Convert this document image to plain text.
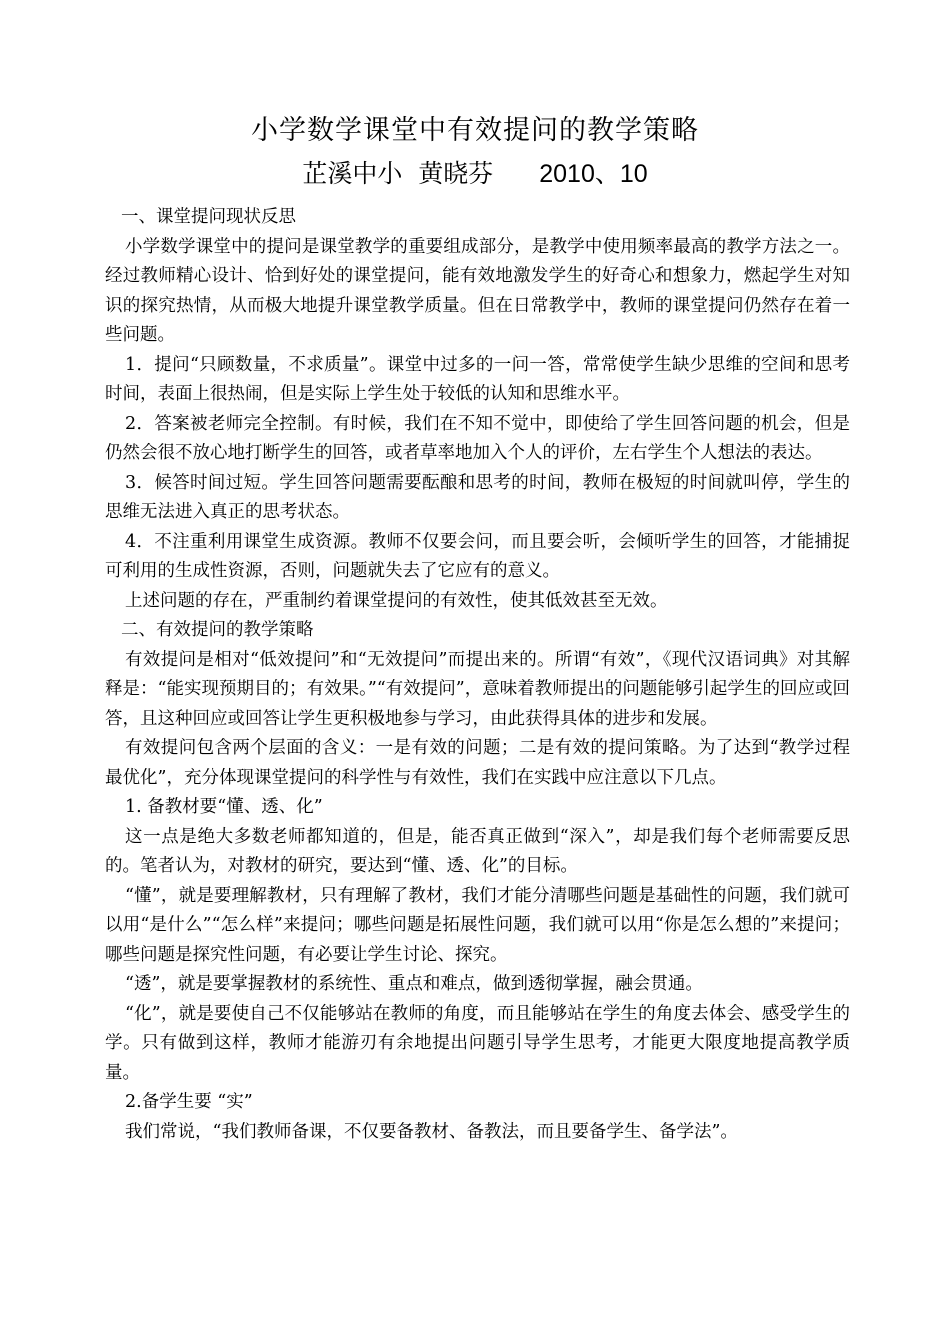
小学数学课堂中有效提问的教学策略
芷溪中小 黄晓芬 2010、10

一、课堂提问现状反思

小学数学课堂中的提问是课堂教学的重要组成部分，是教学中使用频率最高的教学方法之一。经过教师精心设计、恰到好处的课堂提问，能有效地激发学生的好奇心和想象力，燃起学生对知识的探究热情，从而极大地提升课堂教学质量。但在日常教学中，教师的课堂提问仍然存在着一些问题。

1．提问“只顾数量，不求质量”。课堂中过多的一问一答，常常使学生缺少思维的空间和思考时间，表面上很热闹，但是实际上学生处于较低的认知和思维水平。

2．答案被老师完全控制。有时候，我们在不知不觉中，即使给了学生回答问题的机会，但是仍然会很不放心地打断学生的回答，或者草率地加入个人的评价，左右学生个人想法的表达。

3．候答时间过短。学生回答问题需要酝酿和思考的时间，教师在极短的时间就叫停，学生的思维无法进入真正的思考状态。

4．不注重利用课堂生成资源。教师不仅要会问，而且要会听，会倾听学生的回答，才能捕捉可利用的生成性资源，否则，问题就失去了它应有的意义。

上述问题的存在，严重制约着课堂提问的有效性，使其低效甚至无效。

二、有效提问的教学策略

有效提问是相对“低效提问”和“无效提问”而提出来的。所谓“有效”，《现代汉语词典》对其解释是：“能实现预期目的；有效果。”“有效提问”，意味着教师提出的问题能够引起学生的回应或回答，且这种回应或回答让学生更积极地参与学习，由此获得具体的进步和发展。

有效提问包含两个层面的含义：一是有效的问题；二是有效的提问策略。为了达到“教学过程最优化”，充分体现课堂提问的科学性与有效性，我们在实践中应注意以下几点。

1. 备教材要“懂、透、化”

这一点是绝大多数老师都知道的，但是，能否真正做到“深入”，却是我们每个老师需要反思的。笔者认为，对教材的研究，要达到“懂、透、化”的目标。

“懂”，就是要理解教材，只有理解了教材，我们才能分清哪些问题是基础性的问题，我们就可以用“是什么”“怎么样”来提问；哪些问题是拓展性问题，我们就可以用“你是怎么想的”来提问；哪些问题是探究性问题，有必要让学生讨论、探究。

“透”，就是要掌握教材的系统性、重点和难点，做到透彻掌握，融会贯通。

“化”，就是要使自己不仅能够站在教师的角度，而且能够站在学生的角度去体会、感受学生的学。只有做到这样，教师才能游刃有余地提出问题引导学生思考，才能更大限度地提高教学质量。

2.备学生要 “实”

我们常说，“我们教师备课，不仅要备教材、备教法，而且要备学生、备学法”。
